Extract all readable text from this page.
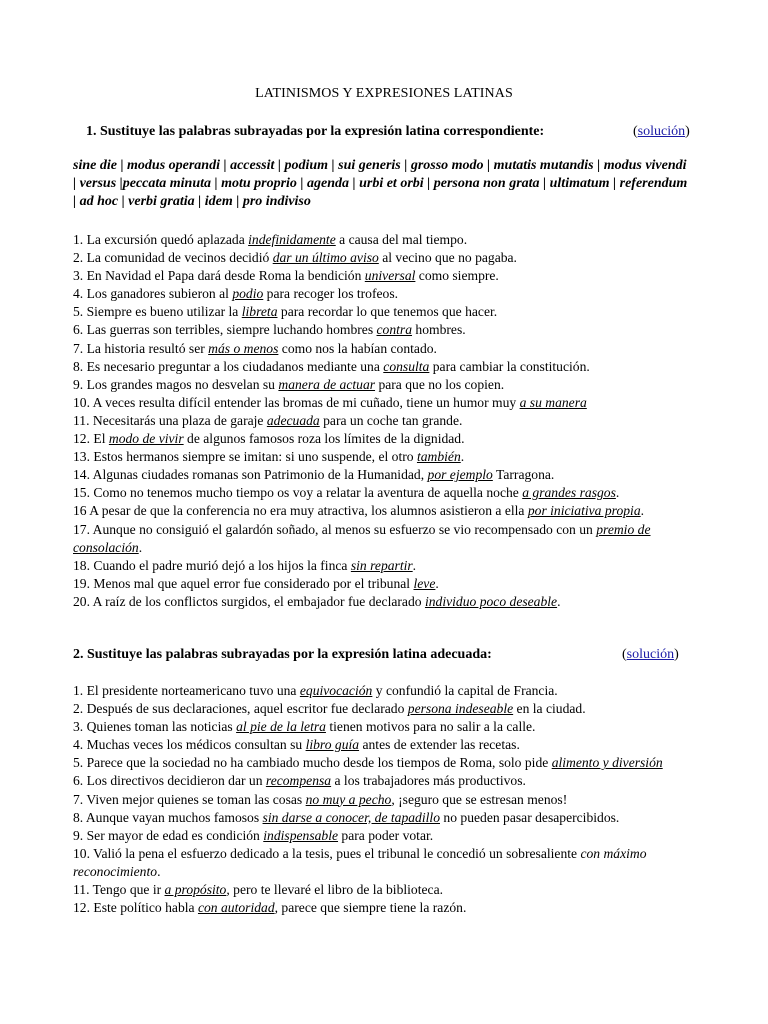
LATINISMOS Y EXPRESIONES LATINAS
1. Sustituye las palabras subrayadas por la expresión latina correspondiente:	(solución)
sine die | modus operandi | accessit | podium | sui generis | grosso modo | mutatis mutandis | modus vivendi | versus |peccata minuta | motu proprio | agenda | urbi et orbi | persona non grata | ultimatum | referendum | ad hoc | verbi gratia | idem | pro indiviso
1. La excursión quedó aplazada indefinidamente a causa del mal tiempo.
2. La comunidad de vecinos decidió dar un último aviso al vecino que no pagaba.
3. En Navidad el Papa dará desde Roma la bendición universal como siempre.
4. Los ganadores subieron al podio para recoger los trofeos.
5. Siempre es bueno utilizar la libreta para recordar lo que tenemos que hacer.
6. Las guerras son terribles, siempre luchando hombres contra hombres.
7. La historia resultó ser más o menos como nos la habían contado.
8. Es necesario preguntar a los ciudadanos mediante una consulta para cambiar la constitución.
9. Los grandes magos no desvelan su manera de actuar para que no los copien.
10. A veces resulta difícil entender las bromas de mi cuñado, tiene un humor muy a su manera
11. Necesitarás una plaza de garaje adecuada para un coche tan grande.
12. El modo de vivir de algunos famosos roza los límites de la dignidad.
13. Estos hermanos siempre se imitan: si uno suspende, el otro también.
14. Algunas ciudades romanas son Patrimonio de la Humanidad, por ejemplo Tarragona.
15. Como no tenemos mucho tiempo os voy a relatar la aventura de aquella noche a grandes rasgos.
16 A pesar de que la conferencia no era muy atractiva, los alumnos asistieron a ella por iniciativa propia.
17. Aunque no consiguió el galardón soñado, al menos su esfuerzo se vio recompensado con un premio de consolación.
18. Cuando el padre murió dejó a los hijos la finca sin repartir.
19. Menos mal que aquel error fue considerado por el tribunal leve.
20. A raíz de los conflictos surgidos, el embajador fue declarado individuo poco deseable.
2. Sustituye las palabras subrayadas por la expresión latina adecuada:	(solución)
1. El presidente norteamericano tuvo una equivocación y confundió la capital de Francia.
2. Después de sus declaraciones, aquel escritor fue declarado persona indeseable en la ciudad.
3. Quienes toman las noticias al pie de la letra tienen motivos para no salir a la calle.
4. Muchas veces los médicos consultan su libro guía antes de extender las recetas.
5. Parece que la sociedad no ha cambiado mucho desde los tiempos de Roma, solo pide alimento y diversión
6. Los directivos decidieron dar un recompensa a los trabajadores más productivos.
7. Viven mejor quienes se toman las cosas no muy a pecho, ¡seguro que se estresan menos!
8. Aunque vayan muchos famosos sin darse a conocer, de tapadillo no pueden pasar desapercibidos.
9. Ser mayor de edad es condición indispensable para poder votar.
10. Valió la pena el esfuerzo dedicado a la tesis, pues el tribunal le concedió un sobresaliente con máximo reconocimiento.
11. Tengo que ir a propósito, pero te llevaré el libro de la biblioteca.
12. Este político habla con autoridad, parece que siempre tiene la razón.
